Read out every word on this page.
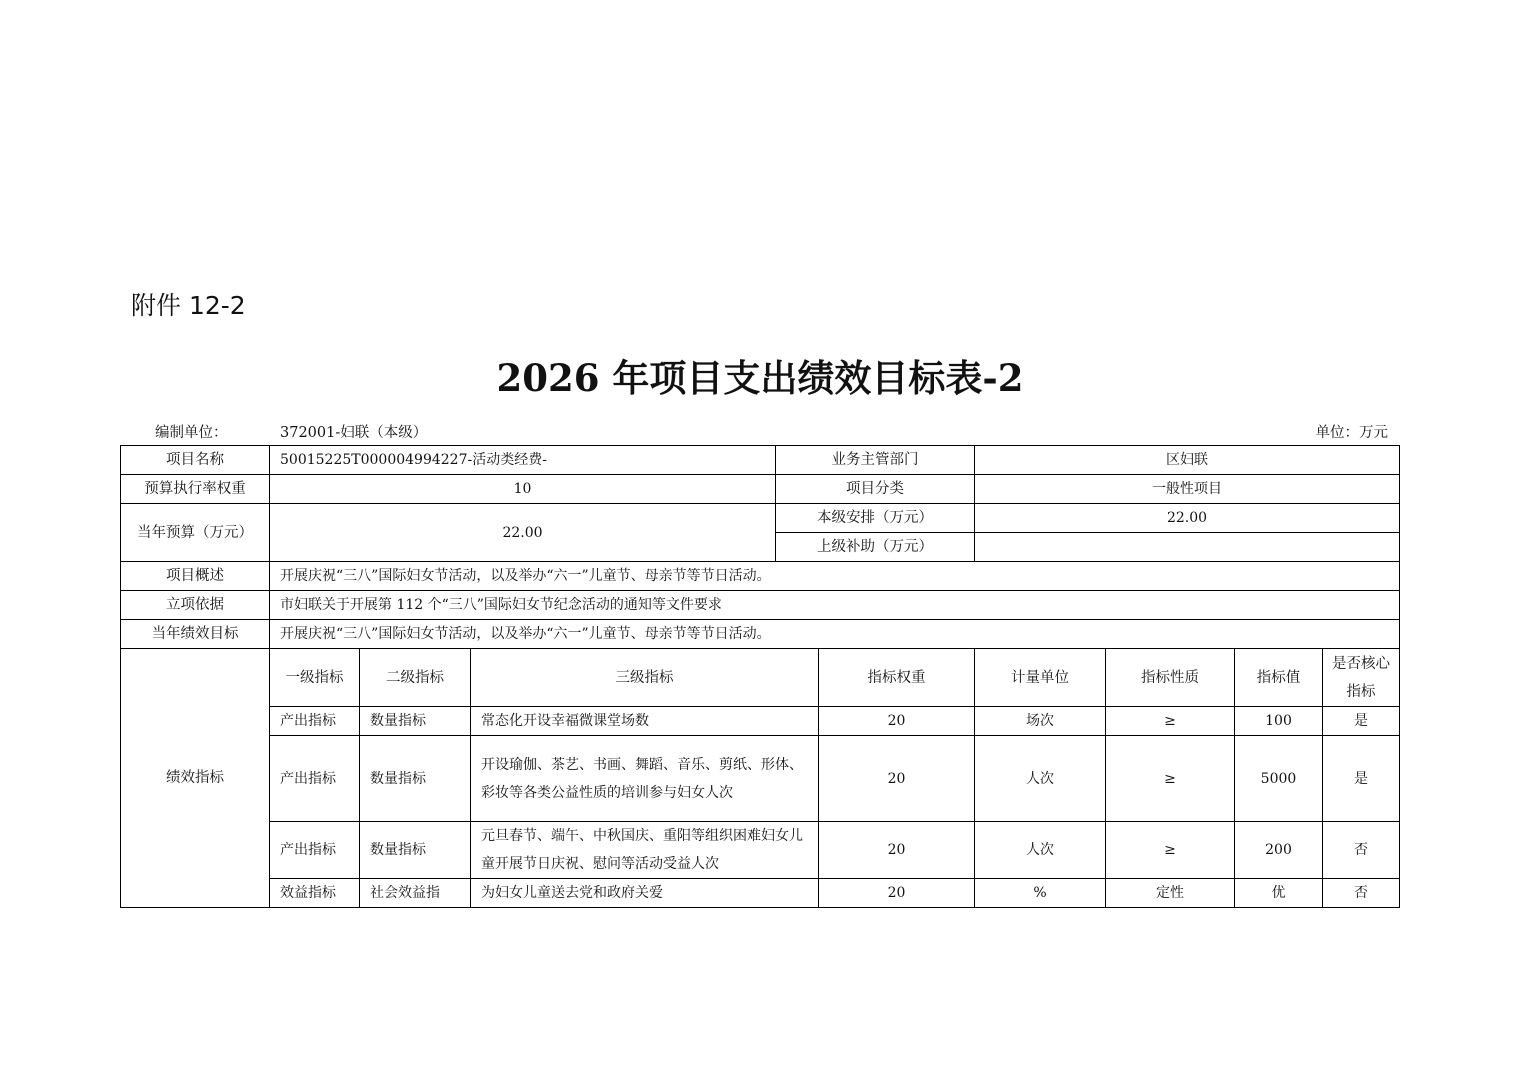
附件 12-2
2026 年项目支出绩效目标表-2
编制单位：	372001-妇联（本级）	单位：万元
项目名称	50015225T000004994227-活动类经费-			业务主管部门		区妇联			
预算执行率权重	10			项目分类		一般性项目			
当年预算（万元）	22.00			本级安排（万元）		22.00			
				上级补助（万元）					
项目概述	开展庆祝“三八”国际妇女节活动，以及举办“六一”儿童节、母亲节等节日活动。								
立项依据	市妇联关于开展第 112 个“三八”国际妇女节纪念活动的通知等文件要求								
当年绩效目标	开展庆祝“三八”国际妇女节活动，以及举办“六一”儿童节、母亲节等节日活动。								
绩效指标	一级指标	二级指标	三级指标		指标权重	计量单位	指标性质	指标值	是否核心
指标

	产出指标	数量指标	常态化开设幸福微课堂场数		20	场次	≥	100	是
	产出指标	数量指标	开设瑜伽、茶艺、书画、舞蹈、音乐、剪纸、形体、彩妆等各类公益性质的培训参与妇女人次		20	人次	≥	5000	是
	产出指标	数量指标	元旦春节、端午、中秋国庆、重阳等组织困难妇女儿童开展节日庆祝、慰问等活动受益人次		20	人次	≥	200	否
	效益指标	社会效益指	为妇女儿童送去党和政府关爱		20	%	定性	优	否
